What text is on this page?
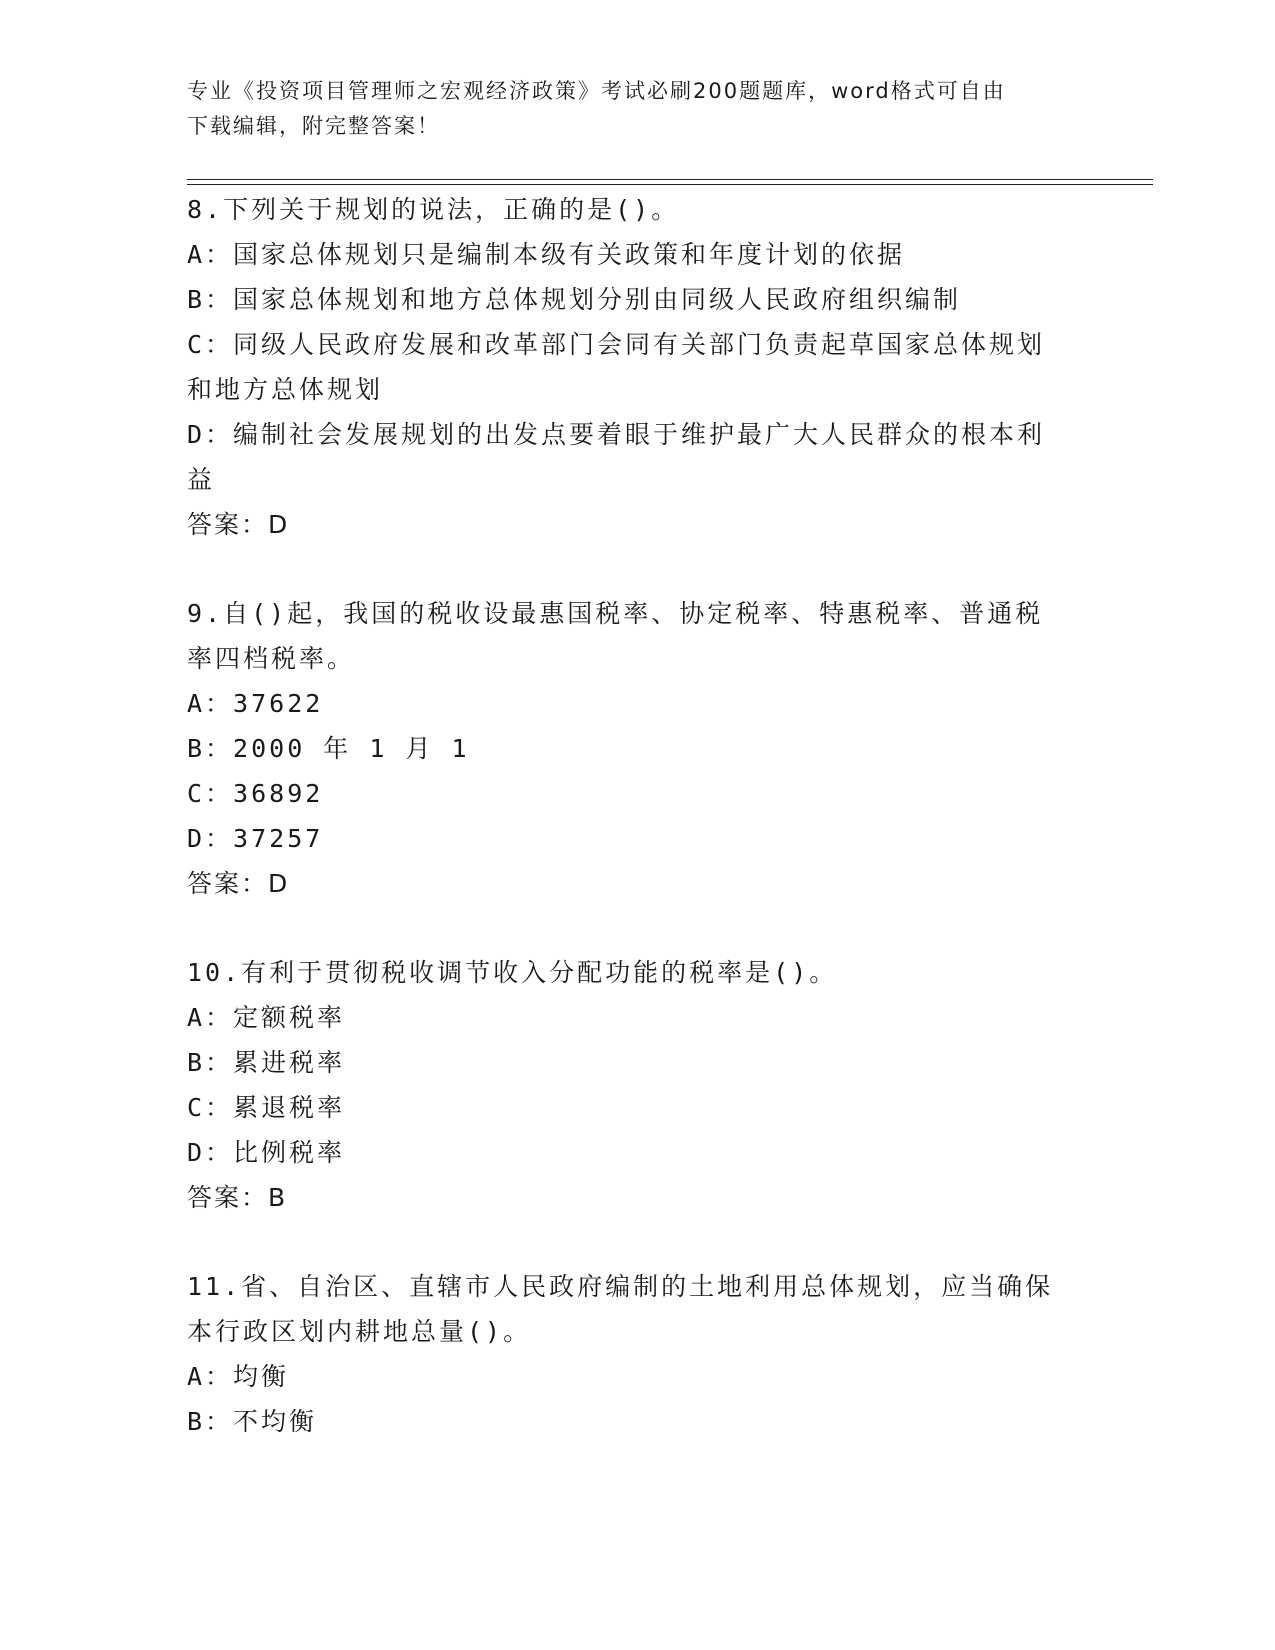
专业《投资项目管理师之宏观经济政策》考试必刷200题题库，word格式可自由
下载编辑，附完整答案！

8.下列关于规划的说法，正确的是()。

A：国家总体规划只是编制本级有关政策和年度计划的依据

B：国家总体规划和地方总体规划分别由同级人民政府组织编制

C：同级人民政府发展和改革部门会同有关部门负责起草国家总体规划和地方总体规划

D：编制社会发展规划的出发点要着眼于维护最广大人民群众的根本利益

答案：D

9.自()起，我国的税收设最惠国税率、协定税率、特惠税率、普通税率四档税率。

A：37622

B：2000 年 1 月 1

C：36892

D：37257

答案：D

10.有利于贯彻税收调节收入分配功能的税率是()。

A：定额税率

B：累进税率

C：累退税率

D：比例税率

答案：B

11.省、自治区、直辖市人民政府编制的土地利用总体规划，应当确保本行政区划内耕地总量()。

A：均衡

B：不均衡
